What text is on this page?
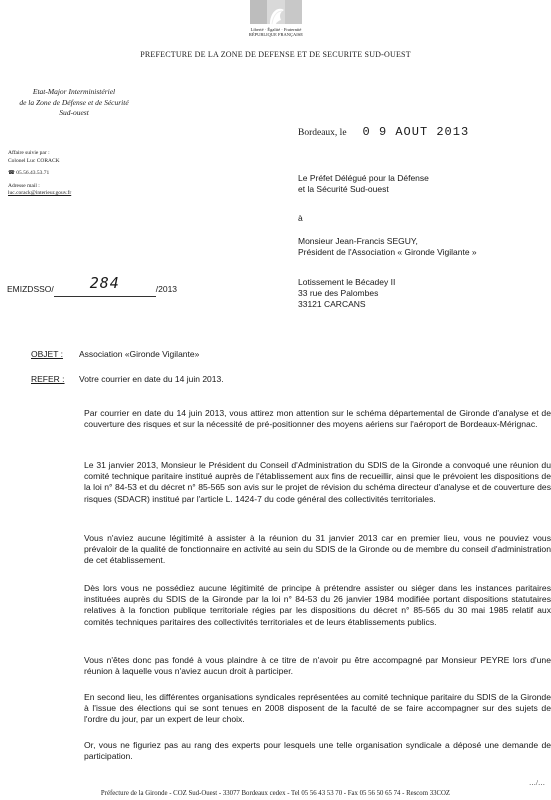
Liberté · Égalité · Fraternité
RÉPUBLIQUE FRANÇAISE
PREFECTURE DE LA ZONE DE DEFENSE ET DE SECURITE SUD-OUEST
Etat-Major Interministériel
de la Zone de Défense et de Sécurité
Sud-ouest
Affaire suivie par :
Colonel Luc CORACK
☎ 05.56.43.53.71
Adresse mail :
luc.corack@interieur.gouv.fr
Bordeaux, le 0 9 AOUT 2013
Le Préfet Délégué pour la Défense
et la Sécurité Sud-ouest
à
Monsieur Jean-Francis SEGUY,
Président de l'Association « Gironde Vigilante »
Lotissement le Bécadey II
33 rue des Palombes
33121 CARCANS
EMIZDSSO/ 284	/2013
OBJET : Association «Gironde Vigilante»
REFER : Votre courrier en date du 14 juin 2013.
Par courrier en date du 14 juin 2013, vous attirez mon attention sur le schéma départemental de Gironde d'analyse et de couverture des risques et sur la nécessité de pré-positionner des moyens aériens sur l'aéroport de Bordeaux-Mérignac.
Le 31 janvier 2013, Monsieur le Président du Conseil d'Administration du SDIS de la Gironde a convoqué une réunion du comité technique paritaire institué auprès de l'établissement aux fins de recueillir, ainsi que le prévoient les dispositions de la loi n° 84-53 et du décret n° 85-565 son avis sur le projet de révision du schéma directeur d'analyse et de couverture des risques (SDACR) institué par l'article L. 1424-7 du code général des collectivités territoriales.
Vous n'aviez aucune légitimité à assister à la réunion du 31 janvier 2013 car en premier lieu, vous ne pouviez vous prévaloir de la qualité de fonctionnaire en activité au sein du SDIS de la Gironde ou de membre du conseil d'administration de cet établissement.
Dès lors vous ne possédiez aucune légitimité de principe à prétendre assister ou siéger dans les instances paritaires instituées auprès du SDIS de la Gironde par la loi n° 84-53 du 26 janvier 1984 modifiée portant dispositions statutaires relatives à la fonction publique territoriale régies par les dispositions du décret n° 85-565 du 30 mai 1985 relatif aux comités techniques paritaires des collectivités territoriales et de leurs établissements publics.
Vous n'êtes donc pas fondé à vous plaindre à ce titre de n'avoir pu être accompagné par Monsieur PEYRE lors d'une réunion à laquelle vous n'aviez aucun droit à participer.
En second lieu, les différentes organisations syndicales représentées au comité technique paritaire du SDIS de la Gironde à l'issue des élections qui se sont tenues en 2008 disposent de la faculté de se faire accompagner sur des sujets de l'ordre du jour, par un expert de leur choix.
Or, vous ne figuriez pas au rang des experts pour lesquels une telle organisation syndicale a déposé une demande de participation.
…/…
Préfecture de la Gironde - COZ Sud-Ouest - 33077 Bordeaux cedex - Tel 05 56 43 53 70 - Fax 05 56 50 65 74 - Rescom 33COZ
